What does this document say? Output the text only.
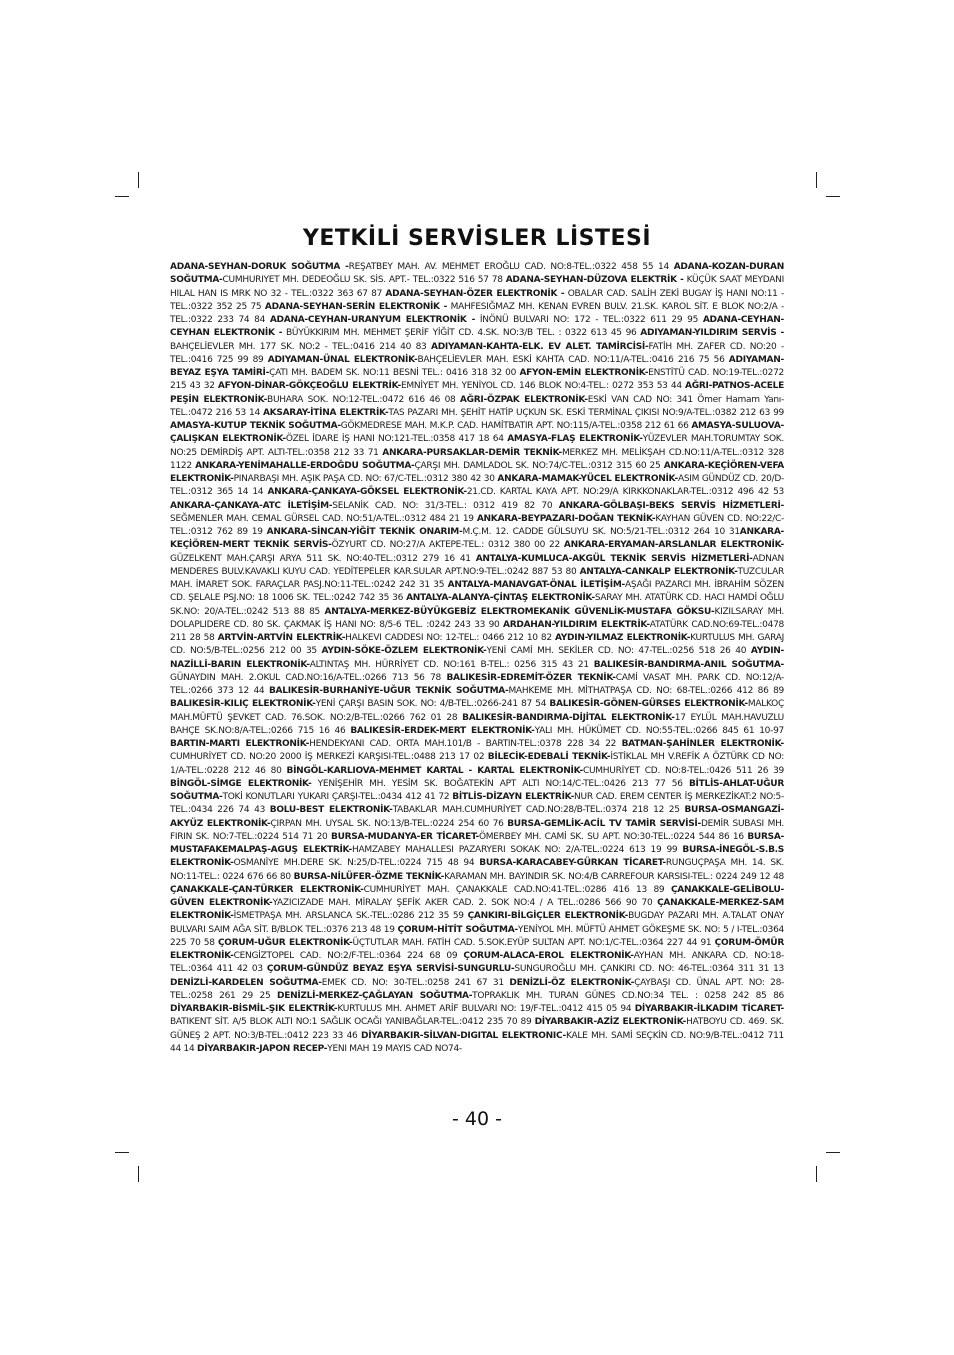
YETKİLİ SERVİSLER LİSTESİ
ADANA-SEYHAN-DORUK SOĞUTMA -REŞATBEY MAH. AV. MEHMET EROĞLU CAD. NO:8-TEL.:0322 458 55 14 ADANA-KOZAN-DURAN SOĞUTMA-CUMHURIYET MH. DEDEOĞLU SK. SİS. APT.- TEL.:0322 516 57 78 ADANA-SEYHAN-DÜZOVA ELEKTRİK - KÜÇÜK SAAT MEYDANI HILAL HAN IS MRK NO 32 - TEL.:0322 363 67 87 ADANA-SEYHAN-ÖZER ELEKTRONİK - OBALAR CAD. SALİH ZEKİ BUGAY İŞ HANI NO:11 - TEL.:0322 352 25 75 ADANA-SEYHAN-SERİN ELEKTRONİK - MAHFESIĞMAZ MH. KENAN EVREN BULV. 21.SK. KAROL SİT. E BLOK NO:2/A - TEL.:0322 233 74 84 ADANA-CEYHAN-URANYUM ELEKTRONİK - İNÖNÜ BULVARI NO: 172 - TEL.:0322 611 29 95 ADANA-CEYHAN-CEYHAN ELEKTRONİK - BÜYÜKKIRIM MH. MEHMET ŞERİF YİĞİT CD. 4.SK. NO:3/B TEL. : 0322 613 45 96 ADIYAMAN-YILDIRIM SERVİS - BAHÇELİEVLER MH. 177 SK. NO:2 - TEL.:0416 214 40 83 ADIYAMAN-KAHTA-ELK. EV ALET. TAMİRCİSİ-FATİH MH. ZAFER CD. NO:20 - TEL.:0416 725 99 89 ADIYAMAN-ÜNAL ELEKTRONİK-BAHÇELİEVLER MAH. ESKİ KAHTA CAD. NO:11/A-TEL.:0416 216 75 56 ADIYAMAN-BEYAZ EŞYA TAMİRİ-ÇATI MH. BADEM SK. NO:11 BESNİ TEL.: 0416 318 32 00 AFYON-EMİN ELEKTRONİK-ENSTİTÜ CAD. NO:19-TEL.:0272 215 43 32 AFYON-DİNAR-GÖKÇEOĞLU ELEKTRİK-EMNİYET MH. YENİYOL CD. 146 BLOK NO:4-TEL.: 0272 353 53 44 AĞRI-PATNOS-ACELE PEŞİN ELEKTRONİK-BUHARA SOK. NO:12-TEL.:0472 616 46 08 AĞRI-ÖZPAK ELEKTRONİK-ESKİ VAN CAD NO: 341 Ömer Hamam Yanı-TEL.:0472 216 53 14 AKSARAY-İTİNA ELEKTRİK-TAS PAZARI MH. ŞEHİT HATİP UÇKUN SK. ESKİ TERMİNAL ÇIKISI NO:9/A-TEL.:0382 212 63 99 AMASYA-KUTUP TEKNİK SOĞUTMA-GÖKMEDRESE MAH. M.K.P. CAD. HAMİTBATIR APT. NO:115/A-TEL.:0358 212 61 66 AMASYA-SULUOVA-ÇALIŞKAN ELEKTRONİK-ÖZEL İDARE İŞ HANI NO:121-TEL.:0358 417 18 64 AMASYA-FLAŞ ELEKTRONİK-YÜZEVLER MAH.TORUMTAY SOK. NO:25 DEMİRDİŞ APT. ALTI-TEL.:0358 212 33 71 ANKARA-PURSAKLAR-DEMİR TEKNİK-MERKEZ MH. MELİKŞAH CD.NO:11/A-TEL.:0312 328 1122 ANKARA-YENİMAHALLE-ERDOĞDU SOĞUTMA-ÇARŞI MH. DAMLADOL SK. NO:74/C-TEL.:0312 315 60 25 ANKARA-KEÇİÖREN-VEFA ELEKTRONİK-PINARBAŞI MH. AŞIK PAŞA CD. NO: 67/C-TEL.:0312 380 42 30 ANKARA-MAMAK-YÜCEL ELEKTRONİK-ASIM GÜNDÜZ CD. 20/D-TEL.:0312 365 14 14 ANKARA-ÇANKAYA-GÖKSEL ELEKTRONİK-21.CD. KARTAL KAYA APT. NO:29/A KIRKKONAKLAR-TEL.:0312 496 42 53 ANKARA-ÇANKAYA-ATC İLETİŞİM-SELANİK CAD. NO: 31/3-TEL.: 0312 419 82 70 ANKARA-GÖLBAŞI-BEKS SERVİS HİZMETLERİ-SEĞMENLER MAH. CEMAL GÜRSEL CAD. NO:51/A-TEL.:0312 484 21 19 ANKARA-BEYPAZARI-DOĞAN TEKNİK-KAYHAN GÜVEN CD. NO:22/C-TEL.:0312 762 89 19 ANKARA-SİNCAN-YİĞİT TEKNİK ONARIM-M.Ç.M. 12. CADDE GÜLSUYU SK. NO:5/21-TEL.:0312 264 10 31ANKARA-KEÇİÖREN-MERT TEKNİK SERVİS-ÖZYURT CD. NO:27/A AKTEPE-TEL.: 0312 380 00 22 ANKARA-ERYAMAN-ARSLANLAR ELEKTRONİK-GÜZELKENT MAH.ÇARŞI ARYA 511 SK. NO:40-TEL.:0312 279 16 41 ANTALYA-KUMLUCA-AKGÜL TEKNİK SERVİS HİZMETLERİ-ADNAN MENDERES BULV.KAVAKLI KUYU CAD. YEDİTEPELER KAR.SULAR APT.NO:9-TEL.:0242 887 53 80 ANTALYA-CANKALP ELEKTRONİK-TUZCULAR MAH. İMARET SOK. FARAÇLAR PASJ.NO:11-TEL.:0242 242 31 35 ANTALYA-MANAVGAT-ÖNAL İLETİŞİM-AŞAĞI PAZARCI MH. İBRAHİM SÖZEN CD. ŞELALE PSJ.NO: 18 1006 SK. TEL.:0242 742 35 36 ANTALYA-ALANYA-ÇİNTAŞ ELEKTRONİK-SARAY MH. ATATÜRK CD. HACI HAMDİ OĞLU SK.NO: 20/A-TEL.:0242 513 88 85 ANTALYA-MERKEZ-BÜYÜKGEBİZ ELEKTROMEKANİK GÜVENLİK-MUSTAFA GÖKSU-KIZILSARAY MH. DOLAPLIDERE CD. 80 SK. ÇAKMAK İŞ HANI NO: 8/5-6 TEL. :0242 243 33 90 ARDAHAN-YILDIRIM ELEKTRİK-ATATÜRK CAD.NO:69-TEL.:0478 211 28 58 ARTVİN-ARTVİN ELEKTRİK-HALKEVI CADDESI NO: 12-TEL.: 0466 212 10 82 AYDIN-YILMAZ ELEKTRONİK-KURTULUS MH. GARAJ CD. NO:5/B-TEL.:0256 212 00 35 AYDIN-SÖKE-ÖZLEM ELEKTRONİK-YENİ CAMİ MH. SEKİLER CD. NO: 47-TEL.:0256 518 26 40 AYDIN-NAZİLLİ-BARIN ELEKTRONİK-ALTINTAŞ MH. HÜRRİYET CD. NO:161 B-TEL.: 0256 315 43 21 BALIKESİR-BANDIRMA-ANIL SOĞUTMA-GÜNAYDIN MAH. 2.OKUL CAD.NO:16/A-TEL.:0266 713 56 78 BALIKESİR-EDREMİT-ÖZER TEKNİK-CAMİ VASAT MH. PARK CD. NO:12/A-TEL.:0266 373 12 44 BALIKESİR-BURHANİYE-UĞUR TEKNİK SOĞUTMA-MAHKEME MH. MİTHATPAŞA CD. NO: 68-TEL.:0266 412 86 89 BALIKESİR-KILIÇ ELEKTRONİK-YENİ ÇARŞI BASIN SOK. NO: 4/B-TEL.:0266-241 87 54 BALIKESİR-GÖNEN-GÜRSES ELEKTRONİK-MALKOÇ MAH.MÜFTÜ ŞEVKET CAD. 76.SOK. NO:2/B-TEL.:0266 762 01 28 BALIKESİR-BANDIRMA-DİJİTAL ELEKTRONİK-17 EYLÜL MAH.HAVUZLU BAHÇE SK.NO:8/A-TEL.:0266 715 16 46 BALIKESİR-ERDEK-MERT ELEKTRONİK-YALI MH. HÜKÜMET CD. NO:55-TEL.:0266 845 61 10-97 BARTIN-MARTI ELEKTRONİK-HENDEKYANI CAD. ORTA MAH.101/B - BARTIN-TEL.:0378 228 34 22 BATMAN-ŞAHİNLER ELEKTRONİK-CUMHURİYET CD. NO:20 2000 İŞ MERKEZİ KARŞISI-TEL.:0488 213 17 02 BİLECİK-EDEBALİ TEKNİK-İSTİKLAL MH V.REFİK A ÖZTÜRK CD NO: 1/A-TEL.:0228 212 46 80 BİNGÖL-KARLIOVA-MEHMET KARTAL - KARTAL ELEKTRONİK-CUMHURİYET CD. NO:8-TEL.:0426 511 26 39 BİNGÖL-SİMGE ELEKTRONİK- YENİŞEHİR MH. YESİM SK. BOĞATEKİN APT ALTI NO:14/C-TEL.:0426 213 77 56 BİTLİS-AHLAT-UĞUR SOĞUTMA-TOKİ KONUTLARI YUKARI ÇARŞI-TEL.:0434 412 41 72 BİTLİS-DİZAYN ELEKTRİK-NUR CAD. EREM CENTER İŞ MERKEZİKAT:2 NO:5-TEL.:0434 226 74 43 BOLU-BEST ELEKTRONİK-TABAKLAR MAH.CUMHURİYET CAD.NO:28/B-TEL.:0374 218 12 25 BURSA-OSMANGAZİ-AKYÜZ ELEKTRONİK-ÇIRPAN MH. UYSAL SK. NO:13/B-TEL.:0224 254 60 76 BURSA-GEMLİK-ACİL TV TAMİR SERVİSİ-DEMİR SUBASI MH. FIRIN SK. NO:7-TEL.:0224 514 71 20 BURSA-MUDANYA-ER TİCARET-ÖMERBEY MH. CAMİ SK. SU APT. NO:30-TEL.:0224 544 86 16 BURSA-MUSTAFAKEMALPAŞ-AGUŞ ELEKTRİK-HAMZABEY MAHALLESI PAZARYERI SOKAK NO: 2/A-TEL.:0224 613 19 99 BURSA-İNEGÖL-S.B.S ELEKTRONİK-OSMANİYE MH.DERE SK. N:25/D-TEL.:0224 715 48 94 BURSA-KARACABEY-GÜRKAN TİCARET-RUNGUÇPAŞA MH. 14. SK. NO:11-TEL.: 0224 676 66 80 BURSA-NİLÜFER-ÖZME TEKNİK-KARAMAN MH. BAYINDIR SK. NO:4/B CARREFOUR KARSISI-TEL.: 0224 249 12 48 ÇANAKKALE-ÇAN-TÜRKER ELEKTRONİK-CUMHURİYET MAH. ÇANAKKALE CAD.NO:41-TEL.:0286 416 13 89 ÇANAKKALE-GELİBOLU-GÜVEN ELEKTRONİK-YAZICIZADE MAH. MİRALAY ŞEFİK AKER CAD. 2. SOK NO:4 / A TEL.:0286 566 90 70 ÇANAKKALE-MERKEZ-SAM ELEKTRONİK-İSMETPAŞA MH. ARSLANCA SK.-TEL.:0286 212 35 59 ÇANKIRI-BİLGİÇLER ELEKTRONİK-BUGDAY PAZARI MH. A.TALAT ONAY BULVARI SAIM AĞA SİT. B/BLOK TEL.:0376 213 48 19 ÇORUM-HİTİT SOĞUTMA-YENİYOL MH. MÜFTÜ AHMET GÖKEŞME SK. NO: 5 / I-TEL.:0364 225 70 58 ÇORUM-UĞUR ELEKTRONİK-ÜÇTUTLAR MAH. FATİH CAD. 5.SOK.EYÜP SULTAN APT. NO:1/C-TEL.:0364 227 44 91 ÇORUM-ÖMÜR ELEKTRONİK-CENGİZTOPEL CAD. NO:2/F-TEL.:0364 224 68 09 ÇORUM-ALACA-EROL ELEKTRONİK-AYHAN MH. ANKARA CD. NO:18-TEL.:0364 411 42 03 ÇORUM-GÜNDÜZ BEYAZ EŞYA SERVİSİ-SUNGURLU-SUNGUROĞLU MH. ÇANKIRI CD. NO: 46-TEL.:0364 311 31 13 DENİZLİ-KARDELEN SOĞUTMA-EMEK CD. NO: 30-TEL.:0258 241 67 31 DENİZLİ-ÖZ ELEKTRONİK-ÇAYBAŞI CD. ÜNAL APT. NO: 28-TEL.:0258 261 29 25 DENİZLİ-MERKEZ-ÇAĞLAYAN SOĞUTMA-TOPRAKLIK MH. TURAN GÜNES CD.NO:34 TEL. : 0258 242 85 86 DİYARBAKIR-BİSMİL-ŞIK ELEKTRİK-KURTULUS MH. AHMET ARİF BULVARI NO: 19/F-TEL.:0412 415 05 94 DİYARBAKIR-İLKADIM TİCARET-BATIKENT SİT. A/5 BLOK ALTI NO:1 SAĞLIK OCAĞI YANIBAĞLAR-TEL.:0412 235 70 89 DİYARBAKIR-AZİZ ELEKTRONİK-HATBOYU CD. 469. SK. GÜNEŞ 2 APT. NO:3/B-TEL.:0412 223 33 46 DİYARBAKIR-SİLVAN-DIGITAL ELEKTRONIC-KALE MH. SAMİ SEÇKİN CD. NO:9/B-TEL.:0412 711 44 14 DİYARBAKIR-JAPON RECEP-YENI MAH 19 MAYIS CAD NO74-
- 40 -
